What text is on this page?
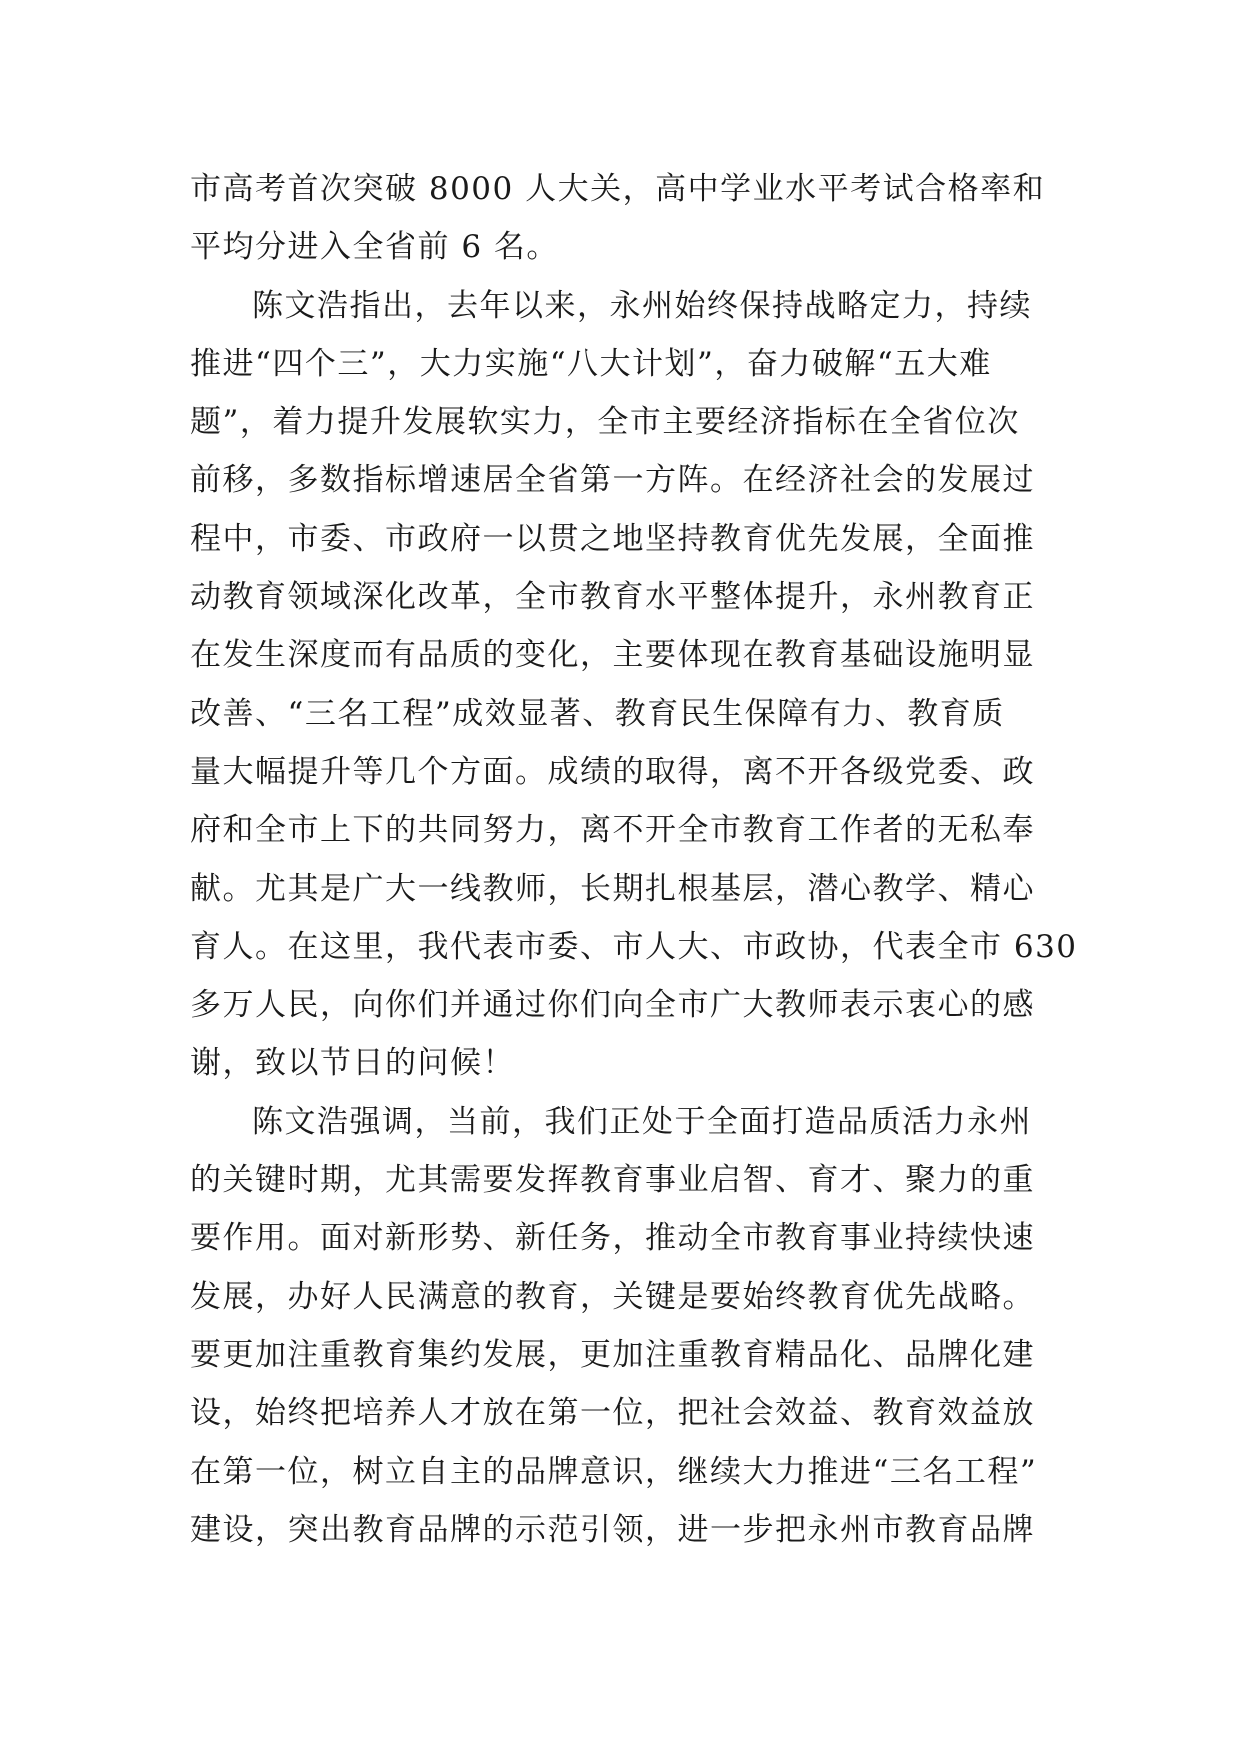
市高考首次突破 8000 人大关，高中学业水平考试合格率和
平均分进入全省前 6 名。
陈文浩指出，去年以来，永州始终保持战略定力，持续
推进“四个三”，大力实施“八大计划”，奋力破解“五大难
题”，着力提升发展软实力，全市主要经济指标在全省位次
前移，多数指标增速居全省第一方阵。在经济社会的发展过
程中，市委、市政府一以贯之地坚持教育优先发展，全面推
动教育领域深化改革，全市教育水平整体提升，永州教育正
在发生深度而有品质的变化，主要体现在教育基础设施明显
改善、“三名工程”成效显著、教育民生保障有力、教育质
量大幅提升等几个方面。成绩的取得，离不开各级党委、政
府和全市上下的共同努力，离不开全市教育工作者的无私奉
献。尤其是广大一线教师，长期扎根基层，潜心教学、精心
育人。在这里，我代表市委、市人大、市政协，代表全市 630
多万人民，向你们并通过你们向全市广大教师表示衷心的感
谢，致以节日的问候！
陈文浩强调，当前，我们正处于全面打造品质活力永州
的关键时期，尤其需要发挥教育事业启智、育才、聚力的重
要作用。面对新形势、新任务，推动全市教育事业持续快速
发展，办好人民满意的教育，关键是要始终教育优先战略。
要更加注重教育集约发展，更加注重教育精品化、品牌化建
设，始终把培养人才放在第一位，把社会效益、教育效益放
在第一位，树立自主的品牌意识，继续大力推进“三名工程”
建设，突出教育品牌的示范引领，进一步把永州市教育品牌
